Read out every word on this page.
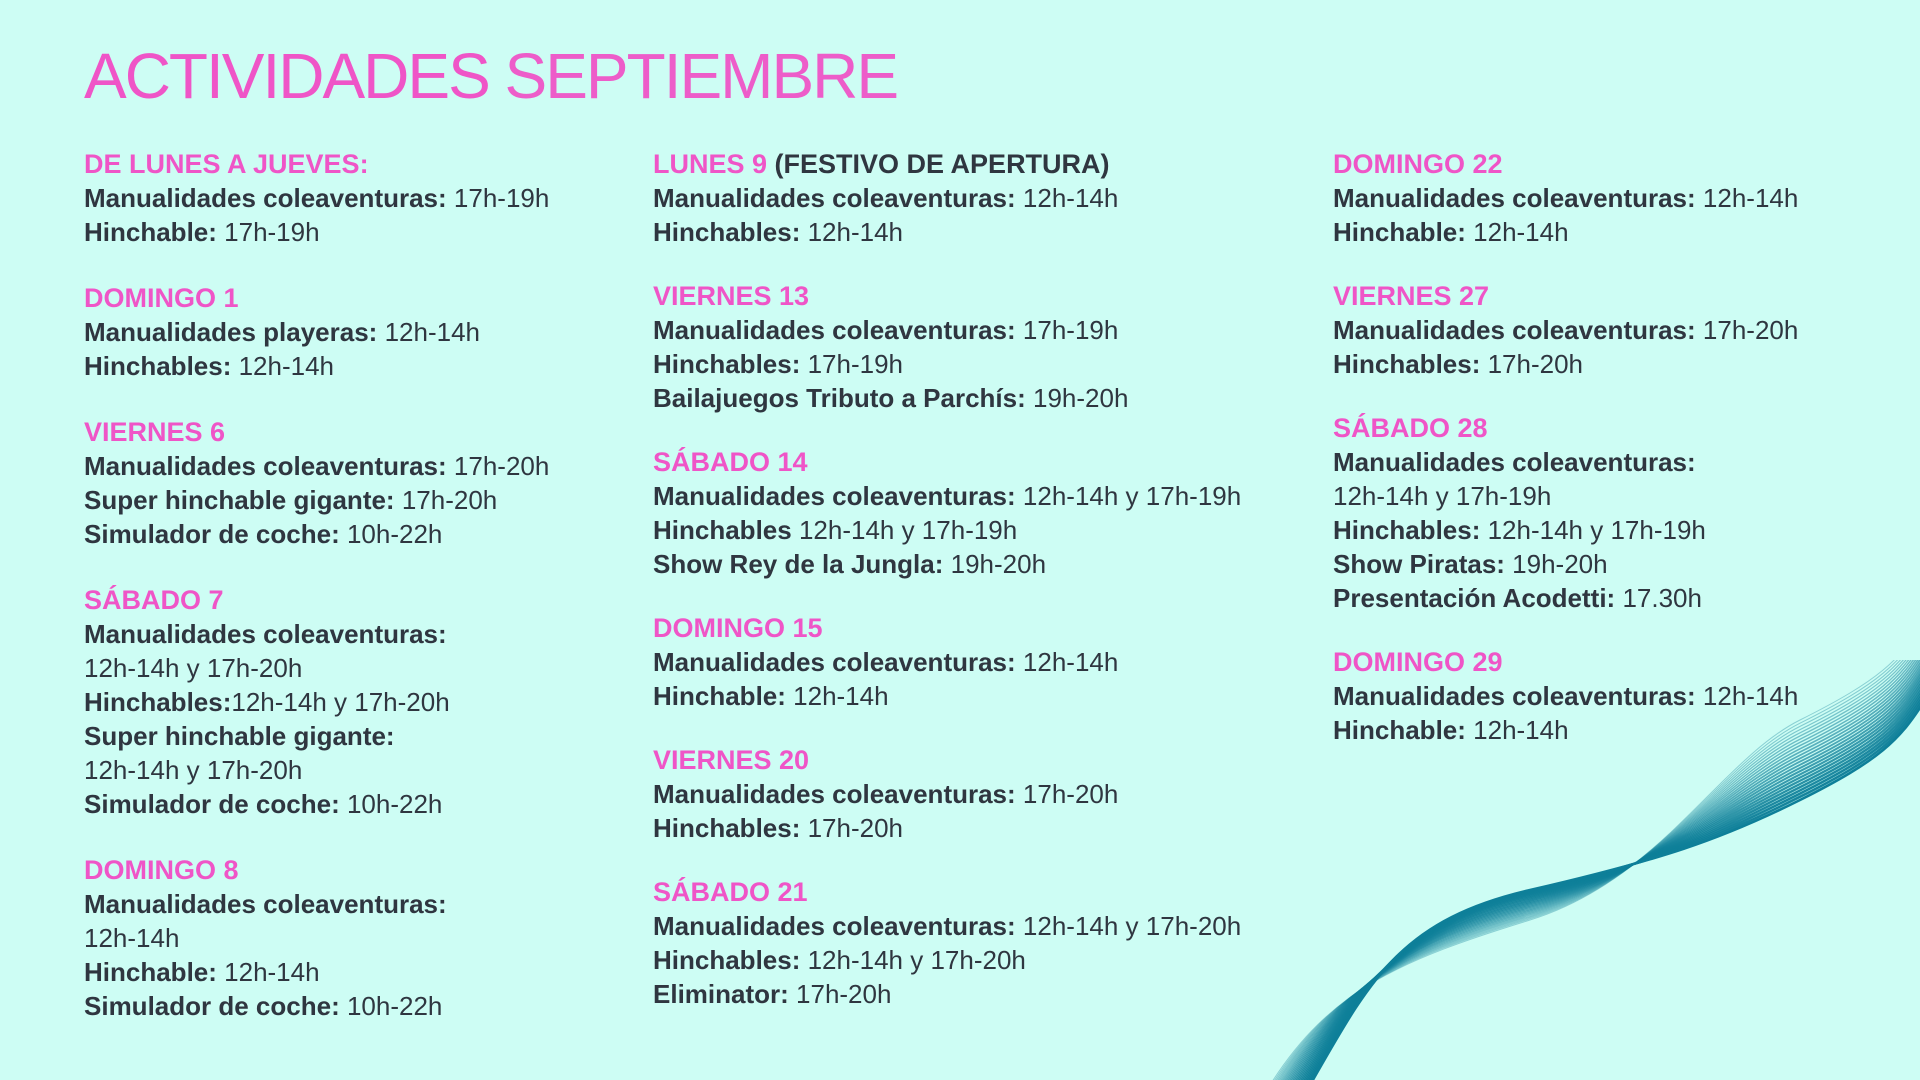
ACTIVIDADES SEPTIEMBRE
DE LUNES A JUEVES:
Manualidades coleaventuras: 17h-19h
Hinchable: 17h-19h
DOMINGO 1
Manualidades playeras: 12h-14h
Hinchables: 12h-14h
VIERNES 6
Manualidades coleaventuras: 17h-20h
Super hinchable gigante: 17h-20h
Simulador de coche: 10h-22h
SÁBADO 7
Manualidades coleaventuras:
12h-14h y 17h-20h
Hinchables:12h-14h y 17h-20h
Super hinchable gigante:
12h-14h y 17h-20h
Simulador de coche: 10h-22h
DOMINGO 8
Manualidades coleaventuras:
12h-14h
Hinchable: 12h-14h
Simulador de coche: 10h-22h
LUNES 9 (FESTIVO DE APERTURA)
Manualidades coleaventuras: 12h-14h
Hinchables: 12h-14h
VIERNES 13
Manualidades coleaventuras: 17h-19h
Hinchables: 17h-19h
Bailajuegos Tributo a Parchís: 19h-20h
SÁBADO 14
Manualidades coleaventuras: 12h-14h y 17h-19h
Hinchables 12h-14h y 17h-19h
Show Rey de la Jungla: 19h-20h
DOMINGO 15
Manualidades coleaventuras: 12h-14h
Hinchable: 12h-14h
VIERNES 20
Manualidades coleaventuras: 17h-20h
Hinchables: 17h-20h
SÁBADO 21
Manualidades coleaventuras: 12h-14h y 17h-20h
Hinchables: 12h-14h y 17h-20h
Eliminator: 17h-20h
DOMINGO 22
Manualidades coleaventuras: 12h-14h
Hinchable: 12h-14h
VIERNES 27
Manualidades coleaventuras: 17h-20h
Hinchables: 17h-20h
SÁBADO 28
Manualidades coleaventuras:
12h-14h y 17h-19h
Hinchables: 12h-14h y 17h-19h
Show Piratas: 19h-20h
Presentación Acodetti: 17.30h
DOMINGO 29
Manualidades coleaventuras: 12h-14h
Hinchable: 12h-14h
